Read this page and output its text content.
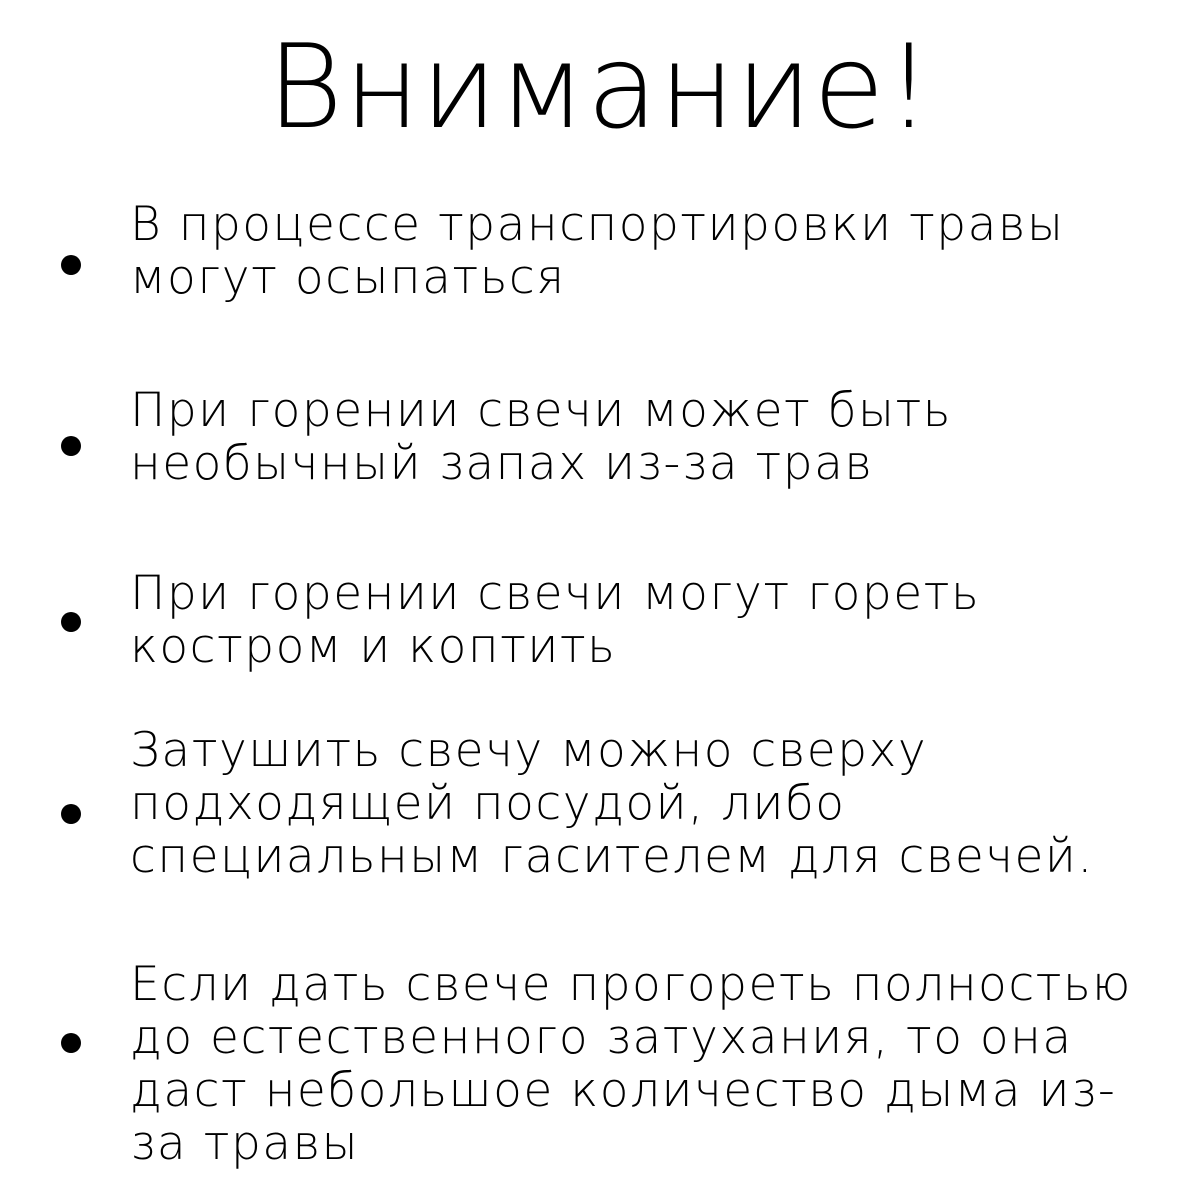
Внимание!

В процессе транспортировки травы
могут осыпаться

При горении свечи может быть
необычный запах из-за трав

При горении свечи могут гореть
костром и коптить

Затушить свечу можно сверху
подходящей посудой, либо
специальным гасителем для свечей.

Если дать свече прогореть полностью
до естественного затухания, то она
даст небольшое количество дыма из-
за травы
